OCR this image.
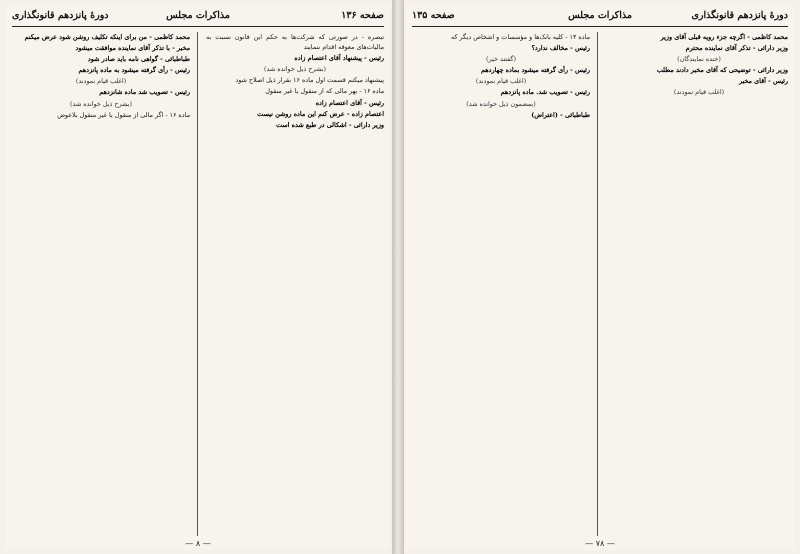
صفحه ۱۳۶
مذاکرات مجلس
دورهٔ پانزدهم قانونگذاری

تبصره - در صورتی که شرکت‌ها به حکم این قانون نسبت به مالیات‌های معوقه اقدام ننمایند

رئیس - پیشنهاد آقای اعتصام زاده

(بشرح ذیل خوانده شد)

پیشنهاد میکنم قسمت اول ماده ۱۶ بقرار ذیل اصلاح شود

ماده ۱۶ - بهر مالی که از منقول یا غیر منقول

رئیس - آقای اعتصام زاده

اعتصام زاده - عرض کنم این ماده روشن نیست

وزیر دارائی - اشکالی در طبع شده است

محمد کاظمی - من برای اینکه تکلیف روشن شود عرض میکنم

مخبر - با تذکر آقای نماینده موافقت میشود

طباطبائی - گواهی نامه باید صادر شود

رئیس - رأی گرفته میشود به ماده پانزدهم

(اغلب قیام نمودند)

رئیس - تصویب شد ماده شانزدهم

(بشرح ذیل خوانده شد)

ماده ۱۶ - اگر مالی از منقول یا غیر منقول بلاعوض

— ٨ —
دورهٔ پانزدهم قانونگذاری
مذاکرات مجلس
صفحه ۱۳۵

محمد کاظمی - اگرچه جزء رویه قبلی آقای وزیر

وزیر دارائی - تذکر آقای نماینده محترم

(خنده نمایندگان)

وزیر دارائی - توضیحی که آقای مخبر دادند مطلب

رئیس - آقای مخبر

(اغلب قیام نمودند)

ماده ۱۴ - کلیه بانک‌ها و مؤسسات و اشخاص دیگر که

رئیس - مخالف ندارد؟

(گفتند خیر)

رئیس - رأی گرفته میشود بماده چهاردهم

(اغلب قیام نمودند)

رئیس - تصویب شد. ماده پانزدهم

(بمضمون ذیل خوانده شد)

طباطبائی - (اعتراض)

— ٧٨ —
